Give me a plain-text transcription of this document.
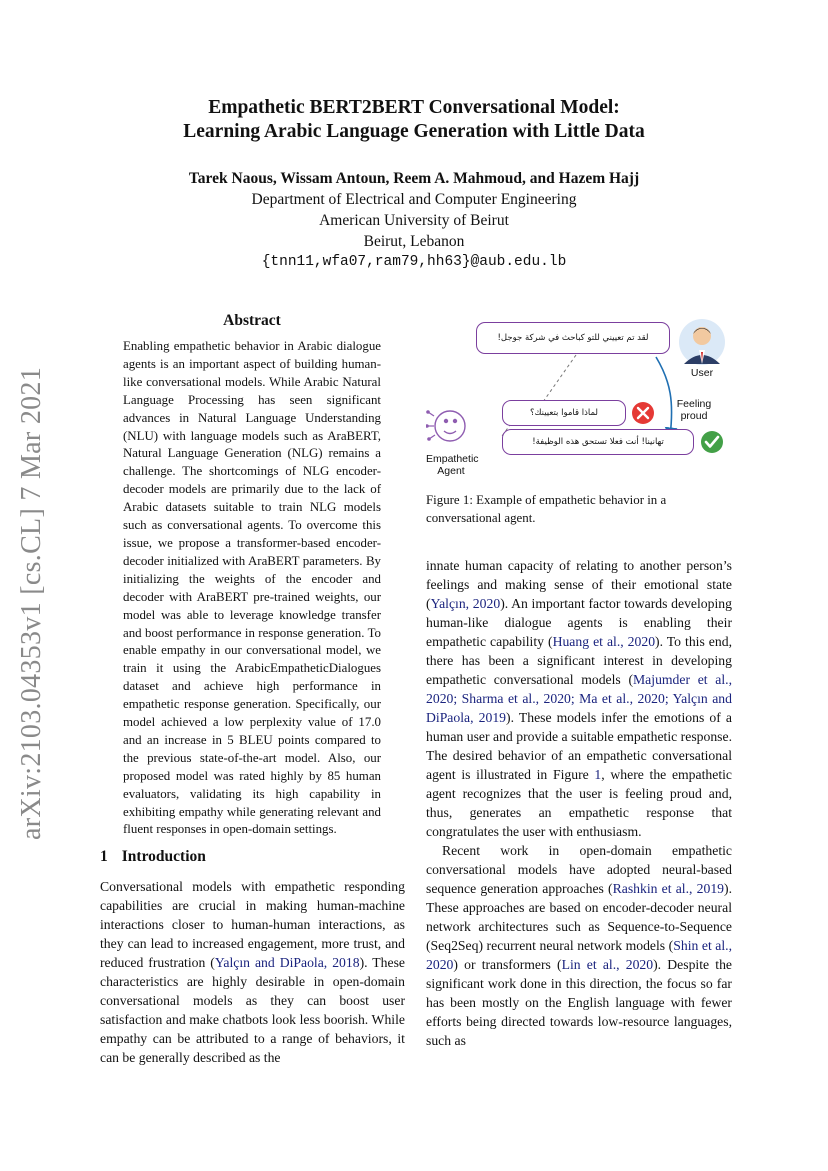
arXiv:2103.04353v1 [cs.CL] 7 Mar 2021
Empathetic BERT2BERT Conversational Model:
Learning Arabic Language Generation with Little Data
Tarek Naous, Wissam Antoun, Reem A. Mahmoud, and Hazem Hajj
Department of Electrical and Computer Engineering
American University of Beirut
Beirut, Lebanon
{tnn11,wfa07,ram79,hh63}@aub.edu.lb
Abstract
Enabling empathetic behavior in Arabic dialogue agents is an important aspect of building human-like conversational models. While Arabic Natural Language Processing has seen significant advances in Natural Language Understanding (NLU) with language models such as AraBERT, Natural Language Generation (NLG) remains a challenge. The shortcomings of NLG encoder-decoder models are primarily due to the lack of Arabic datasets suitable to train NLG models such as conversational agents. To overcome this issue, we propose a transformer-based encoder-decoder initialized with AraBERT parameters. By initializing the weights of the encoder and decoder with AraBERT pre-trained weights, our model was able to leverage knowledge transfer and boost performance in response generation. To enable empathy in our conversational model, we train it using the ArabicEmpatheticDialogues dataset and achieve high performance in empathetic response generation. Specifically, our model achieved a low perplexity value of 17.0 and an increase in 5 BLEU points compared to the previous state-of-the-art model. Also, our proposed model was rated highly by 85 human evaluators, validating its high capability in exhibiting empathy while generating relevant and fluent responses in open-domain settings.
1 Introduction
Conversational models with empathetic responding capabilities are crucial in making human-machine interactions closer to human-human interactions, as they can lead to increased engagement, more trust, and reduced frustration (Yalçın and DiPaola, 2018). These characteristics are highly desirable in open-domain conversational models as they can boost user satisfaction and make chatbots look less boorish. While empathy can be attributed to a range of behaviors, it can be generally described as the
لقد تم تعييني للتو كباحث في شركة جوجل!
لماذا قاموا بتعيينك؟
تهانينا! أنت فعلا تستحق هذه الوظيفة!
User
Feeling proud
Empathetic Agent
Figure 1: Example of empathetic behavior in a conversational agent.

innate human capacity of relating to another person’s feelings and making sense of their emotional state (Yalçın, 2020). An important factor towards developing human-like dialogue agents is enabling their empathetic capability (Huang et al., 2020). To this end, there has been a significant interest in developing empathetic conversational models (Majumder et al., 2020; Sharma et al., 2020; Ma et al., 2020; Yalçın and DiPaola, 2019). These models infer the emotions of a human user and provide a suitable empathetic response. The desired behavior of an empathetic conversational agent is illustrated in Figure 1, where the empathetic agent recognizes that the user is feeling proud and, thus, generates an empathetic response that congratulates the user with enthusiasm.

Recent work in open-domain empathetic conversational models have adopted neural-based sequence generation approaches (Rashkin et al., 2019). These approaches are based on encoder-decoder neural network architectures such as Sequence-to-Sequence (Seq2Seq) recurrent neural network models (Shin et al., 2020) or transformers (Lin et al., 2020). Despite the significant work done in this direction, the focus so far has been mostly on the English language with fewer efforts being directed towards low-resource languages, such as
